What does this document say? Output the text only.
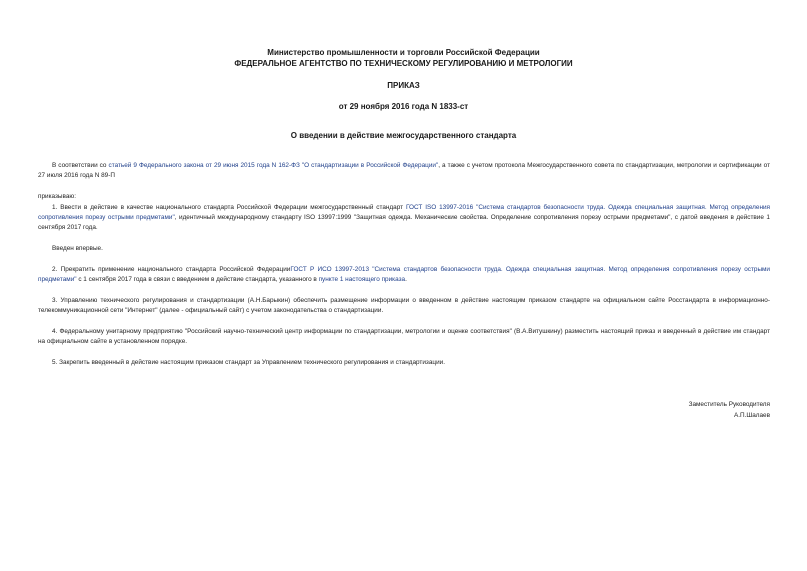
Министерство промышленности и торговли Российской Федерации
ФЕДЕРАЛЬНОЕ АГЕНТСТВО ПО ТЕХНИЧЕСКОМУ РЕГУЛИРОВАНИЮ И МЕТРОЛОГИИ
ПРИКАЗ
от 29 ноября 2016 года N 1833-ст
О введении в действие межгосударственного стандарта
В соответствии со статьей 9 Федерального закона от 29 июня 2015 года N 162-ФЗ "О стандартизации в Российской Федерации", а также с учетом протокола Межгосударственного совета по стандартизации, метрологии и сертификации от 27 июля 2016 года N 89-П
приказываю:
1. Ввести в действие в качестве национального стандарта Российской Федерации межгосударственный стандарт ГОСТ ISO 13997-2016 "Система стандартов безопасности труда. Одежда специальная защитная. Метод определения сопротивления порезу острыми предметами", идентичный международному стандарту ISO 13997:1999 "Защитная одежда. Механические свойства. Определение сопротивления порезу острыми предметами", с датой введения в действие 1 сентября 2017 года.
Введен впервые.
2. Прекратить применение национального стандарта Российской ФедерацииГОСТ Р ИСО 13997-2013 "Система стандартов безопасности труда. Одежда специальная защитная. Метод определения сопротивления порезу острыми предметами" с 1 сентября 2017 года в связи с введением в действие стандарта, указанного в пункте 1 настоящего приказа.
3. Управлению технического регулирования и стандартизации (А.Н.Барыкин) обеспечить размещение информации о введенном в действие настоящим приказом стандарте на официальном сайте Росстандарта в информационно-телекоммуникационной сети "Интернет" (далее - официальный сайт) с учетом законодательства о стандартизации.
4. Федеральному унитарному предприятию "Российский научно-технический центр информации по стандартизации, метрологии и оценке соответствия" (В.А.Витушкину) разместить настоящий приказ и введенный в действие им стандарт на официальном сайте в установленном порядке.
5. Закрепить введенный в действие настоящим приказом стандарт за Управлением технического регулирования и стандартизации.
Заместитель Руководителя
А.П.Шалаев
